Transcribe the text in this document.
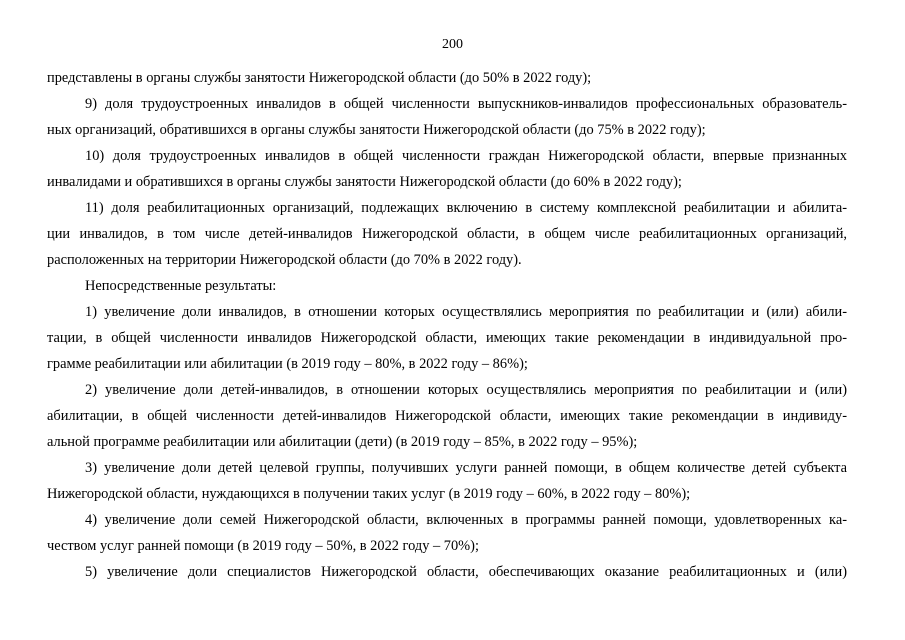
200
представлены в органы службы занятости Нижегородской области (до 50% в 2022 году);
9) доля трудоустроенных инвалидов в общей численности выпускников-инвалидов профессиональных образователь-
ных организаций, обратившихся в органы службы занятости Нижегородской области (до 75% в 2022 году);
10) доля трудоустроенных инвалидов в общей численности граждан Нижегородской области, впервые признанных
инвалидами и обратившихся в органы службы занятости Нижегородской области (до 60% в 2022 году);
11) доля реабилитационных организаций, подлежащих включению в систему комплексной реабилитации и абилита-
ции инвалидов, в том числе детей-инвалидов Нижегородской области, в общем числе реабилитационных организаций,
расположенных на территории Нижегородской области (до 70% в 2022 году).
Непосредственные результаты:
1) увеличение доли инвалидов, в отношении которых осуществлялись мероприятия по реабилитации и (или) абили-
тации, в общей численности инвалидов Нижегородской области, имеющих такие рекомендации в индивидуальной про-
грамме реабилитации или абилитации (в 2019 году – 80%, в 2022 году – 86%);
2) увеличение доли детей-инвалидов, в отношении которых осуществлялись мероприятия по реабилитации и (или)
абилитации, в общей численности детей-инвалидов Нижегородской области, имеющих такие рекомендации в индивиду-
альной программе реабилитации или абилитации (дети) (в 2019 году – 85%, в 2022 году – 95%);
3) увеличение доли детей целевой группы, получивших услуги ранней помощи, в общем количестве детей субъекта
Нижегородской области, нуждающихся в получении таких услуг (в 2019 году – 60%, в 2022 году – 80%);
4) увеличение доли семей Нижегородской области, включенных в программы ранней помощи, удовлетворенных ка-
чеством услуг ранней помощи (в 2019 году – 50%, в 2022 году – 70%);
5) увеличение доли специалистов Нижегородской области, обеспечивающих оказание реабилитационных и (или)
